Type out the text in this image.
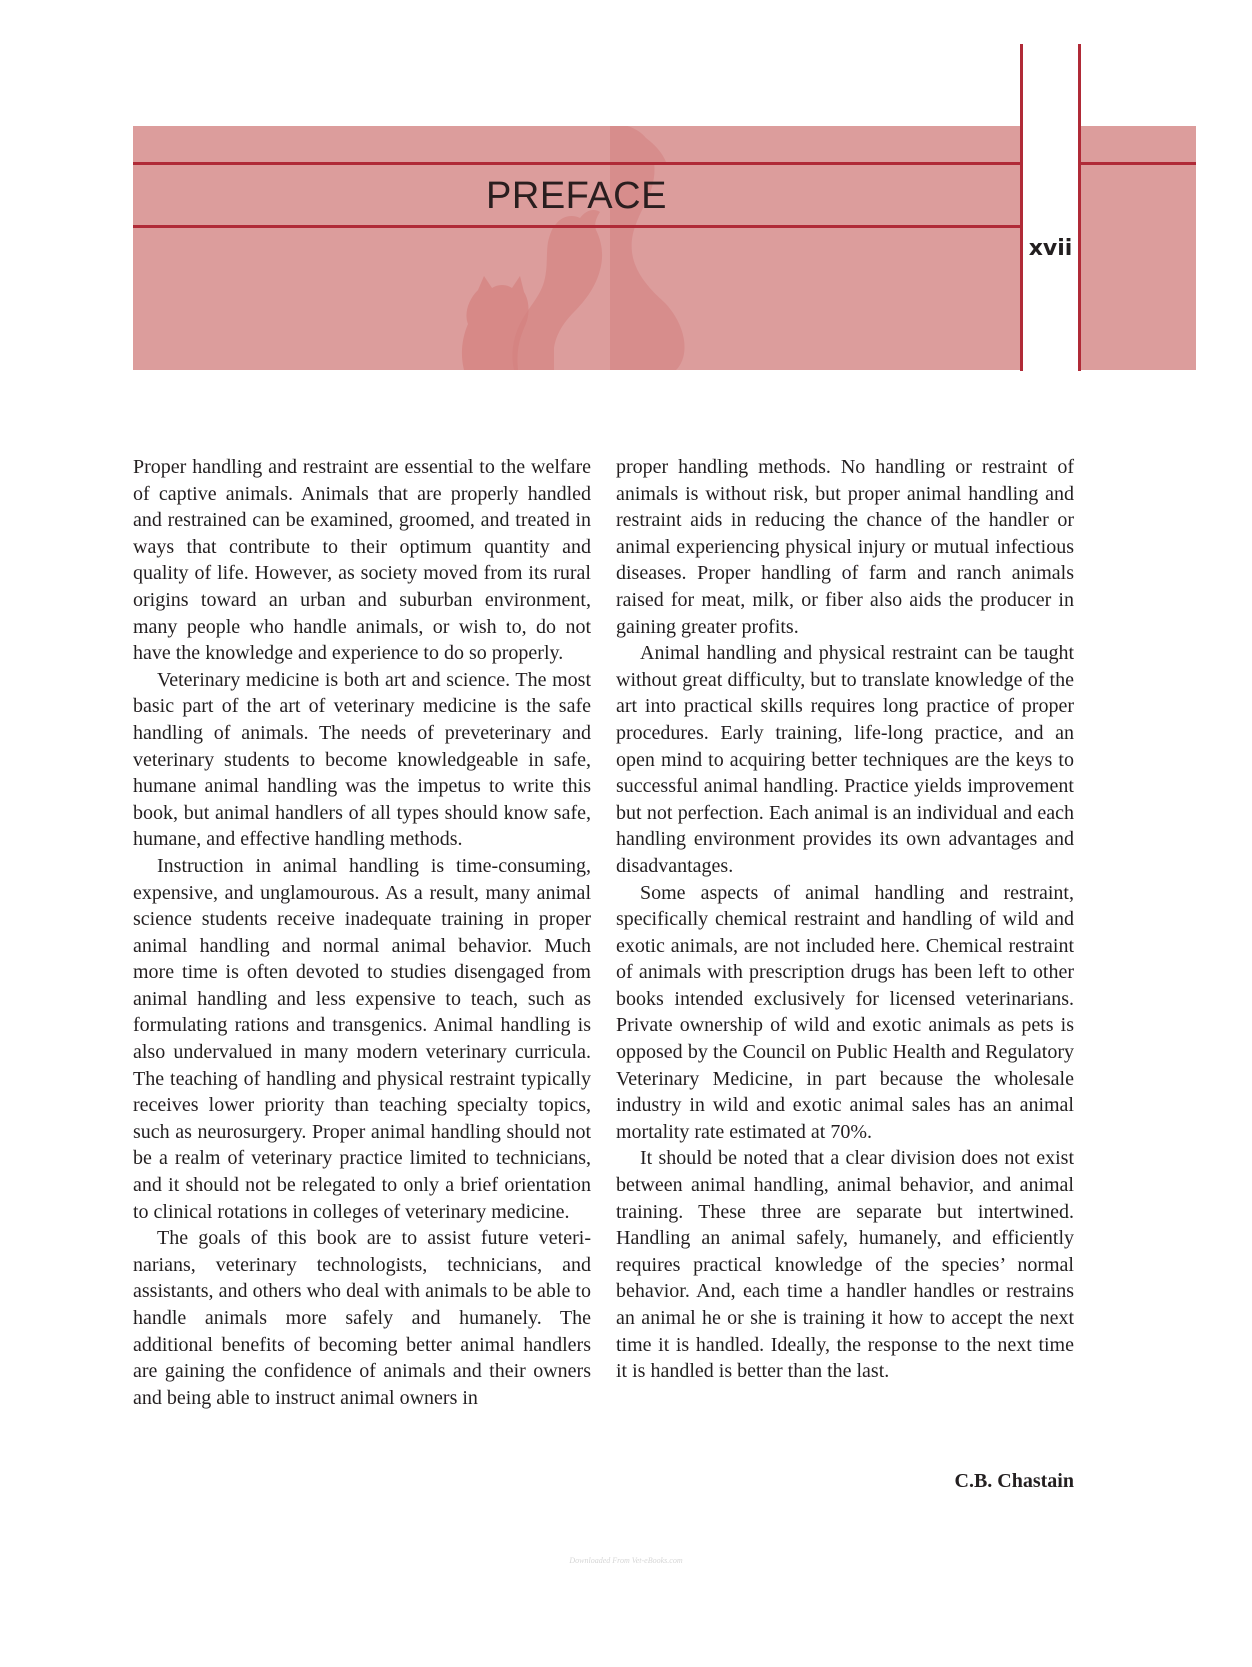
PREFACE
xvii

Proper handling and restraint are essential to the welfare of captive animals. Animals that are properly handled and restrained can be examined, groomed, and treated in ways that contribute to their optimum quantity and quality of life. However, as society moved from its rural origins toward an urban and suburban environment, many people who handle animals, or wish to, do not have the knowledge and experience to do so properly.

Veterinary medicine is both art and science. The most basic part of the art of veterinary medicine is the safe handling of animals. The needs of preveterinary and veterinary students to become knowledgeable in safe, humane animal handling was the impetus to write this book, but animal handlers of all types should know safe, humane, and effective handling methods.

Instruction in animal handling is time-consuming, expensive, and unglamourous. As a result, many animal science students receive inadequate training in proper animal handling and normal animal behavior. Much more time is often devoted to studies disengaged from animal handling and less expensive to teach, such as formulating rations and transgenics. Animal handling is also undervalued in many modern veterinary curricula. The teaching of handling and physical restraint typically receives lower priority than teaching specialty topics, such as neurosurgery. Proper animal handling should not be a realm of veterinary practice limited to technicians, and it should not be relegated to only a brief orientation to clinical rotations in colleges of veterinary medicine.

The goals of this book are to assist future veterinarians, veterinary technologists, technicians, and assistants, and others who deal with animals to be able to handle animals more safely and humanely. The additional benefits of becoming better animal handlers are gaining the confidence of animals and their owners and being able to instruct animal owners in

proper handling methods. No handling or restraint of animals is without risk, but proper animal handling and restraint aids in reducing the chance of the handler or animal experiencing physical injury or mutual infectious diseases. Proper handling of farm and ranch animals raised for meat, milk, or fiber also aids the producer in gaining greater profits.

Animal handling and physical restraint can be taught without great difficulty, but to translate knowledge of the art into practical skills requires long practice of proper procedures. Early training, life-long practice, and an open mind to acquiring better techniques are the keys to successful animal handling. Practice yields improvement but not perfection. Each animal is an individual and each handling environment provides its own advantages and disadvantages.

Some aspects of animal handling and restraint, specifically chemical restraint and handling of wild and exotic animals, are not included here. Chemical restraint of animals with prescription drugs has been left to other books intended exclusively for licensed veterinarians. Private ownership of wild and exotic animals as pets is opposed by the Council on Public Health and Regulatory Veterinary Medicine, in part because the wholesale industry in wild and exotic animal sales has an animal mortality rate estimated at 70%.

It should be noted that a clear division does not exist between animal handling, animal behavior, and animal training. These three are separate but intertwined. Handling an animal safely, humanely, and efficiently requires practical knowledge of the species’ normal behavior. And, each time a handler handles or restrains an animal he or she is training it how to accept the next time it is handled. Ideally, the response to the next time it is handled is better than the last.

C.B. Chastain
Downloaded From Vet-eBooks.com
